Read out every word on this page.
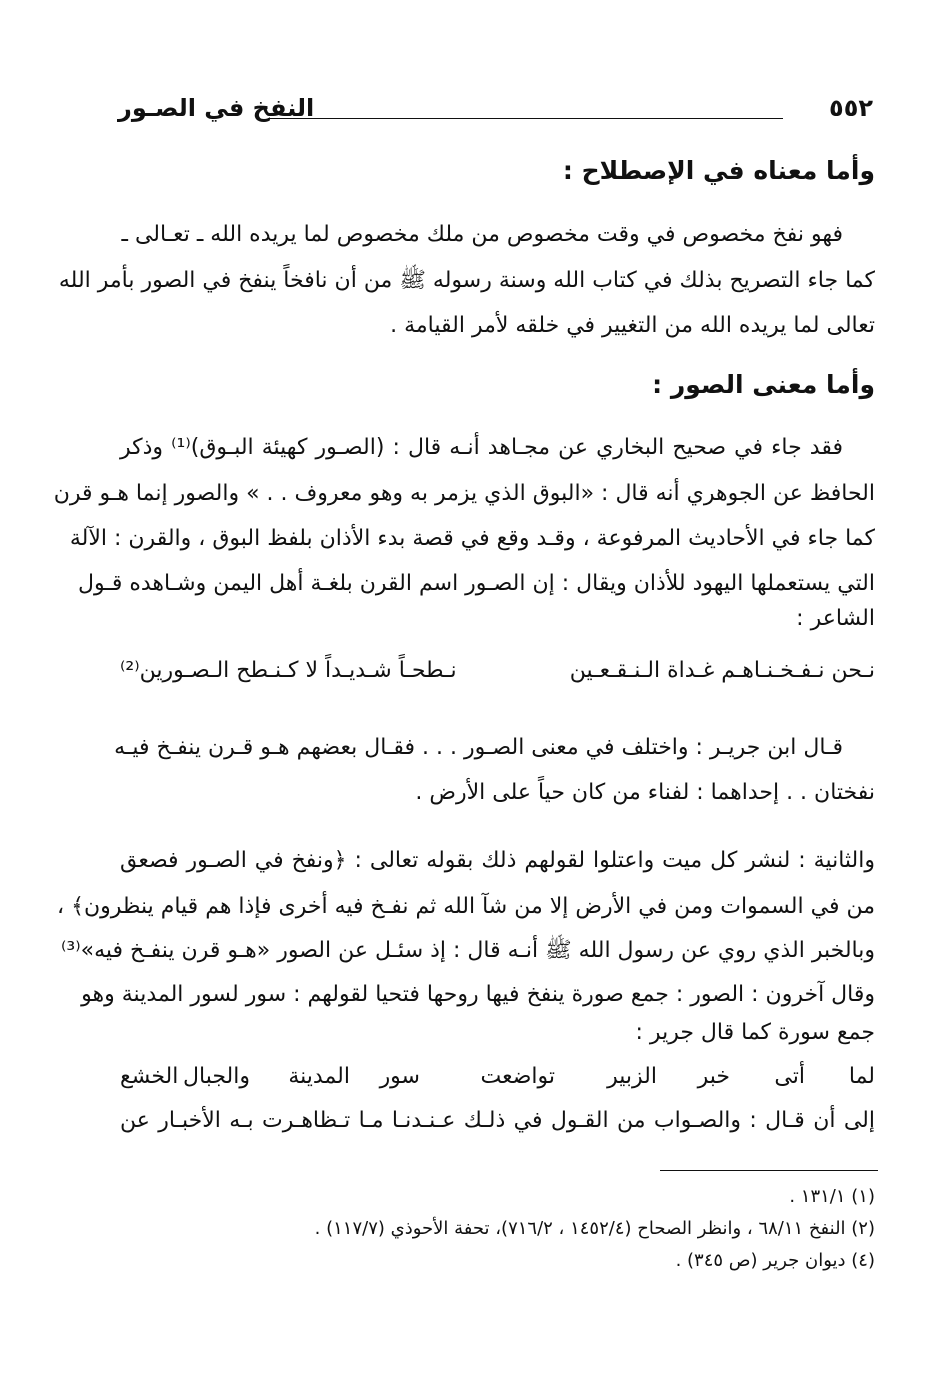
٥٥٢
النفخ في الصـور
وأما معناه في الإصطلاح :
فهو نفخ مخصوص في وقت مخصوص من ملك مخصوص لما يريده الله ـ تعـالى ـ
كما جاء التصريح بذلك في كتاب الله وسنة رسوله ﷺ من أن نافخاً ينفخ في الصور بأمر الله
تعالى لما يريده الله من التغيير في خلقه لأمر القيامة .
وأما معنى الصور :
فقد جاء في صحيح البخاري عن مجـاهد أنـه قال : (الصـور كهيئة البـوق)⁽¹⁾ وذكر
الحافظ عن الجوهري أنه قال : «البوق الذي يزمر به وهو معروف . . » والصور إنما هـو قرن
كما جاء في الأحاديث المرفوعة ، وقـد وقع في قصة بدء الأذان بلفظ البوق ، والقرن : الآلة
التي يستعملها اليهود للأذان ويقال : إن الصـور اسم القرن بلغـة أهل اليمن وشـاهده قـول
الشاعر :
نـحن نـفـخـنـاهـم غـداة الـنـقـعـين
نـطحـاً شـديـداً لا كـنـطح الـصـورين⁽²⁾
قـال ابن جريـر : واختلف في معنى الصـور . . . فقـال بعضهم هـو قـرن ينفـخ فيـه
نفختان . . إحداهما : لفناء من كان حياً على الأرض .
والثانية : لنشر كل ميت واعتلوا لقولهم ذلك بقوله تعالى : ﴿ونفخ في الصـور فصعق
من في السموات ومن في الأرض إلا من شآ الله ثم نفـخ فيه أخرى فإذا هم قيام ينظرون﴾ ،
وبالخبر الذي روي عن رسول الله ﷺ أنـه قال : إذ سئـل عن الصور «هـو قرن ينفـخ فيه»⁽³⁾
وقال آخرون : الصور : جمع صورة ينفخ فيها روحها فتحيا لقولهم : سور لسور المدينة وهو
جمع سورة كما قال جرير :
لما
أتى
خبر
الزبير
تواضعت
سور
المدينة
والجبال
الخشع
إلى أن قـال : والصـواب من القـول في ذلـك عـنـدنـا مـا تـظاهـرت بـه الأخبـار عن
(١) ١٣١/١ .
(٢) النفخ ٦٨/١١ ، وانظر الصحاح (١٤٥٢/٤ ، ٧١٦/٢)، تحفة الأحوذي (١١٧/٧) .
(٤) ديوان جرير (ص ٣٤٥) .
